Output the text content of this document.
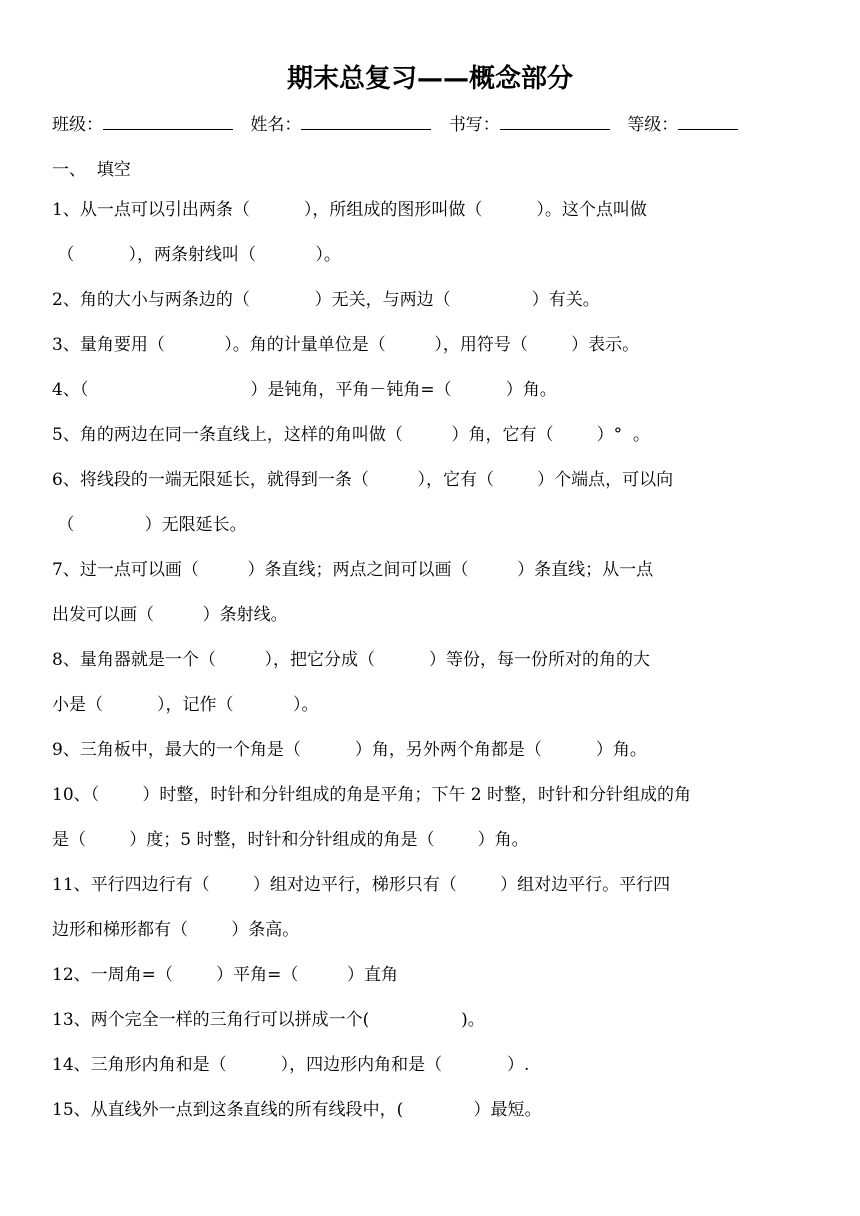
期末总复习——概念部分
班级：	姓名：	书写：	等级：
一、  填空
1、从一点可以引出两条（          ），所组成的图形叫做（          ）。这个点叫做
（          ），两条射线叫（           ）。
2、角的大小与两条边的（            ）无关，与两边（               ）有关。
3、量角要用（           ）。角的计量单位是（         ），用符号（        ）表示。
4、（                              ）是钝角，平角－钝角=（          ）角。
5、角的两边在同一条直线上，这样的角叫做（         ）角，它有（        ）°  。
6、将线段的一端无限延长，就得到一条（         ），它有（        ）个端点，可以向
（             ）无限延长。
7、过一点可以画（         ）条直线；两点之间可以画（         ）条直线；从一点
出发可以画（         ）条射线。
8、量角器就是一个（         ），把它分成（          ）等份，每一份所对的角的大
小是（          ），记作（           ）。
9、三角板中，最大的一个角是（          ）角，另外两个角都是（          ）角。
10、（        ）时整，时针和分针组成的角是平角；下午 2 时整，时针和分针组成的角
是（        ）度；5 时整，时针和分针组成的角是（        ）角。
11、平行四边行有（        ）组对边平行，梯形只有（        ）组对边平行。平行四
边形和梯形都有（        ）条高。
12、一周角=（        ）平角=（         ）直角
13、两个完全一样的三角行可以拼成一个(                 )。
14、三角形内角和是（          ），四边形内角和是（            ）.
15、从直线外一点到这条直线的所有线段中，(             ）最短。
